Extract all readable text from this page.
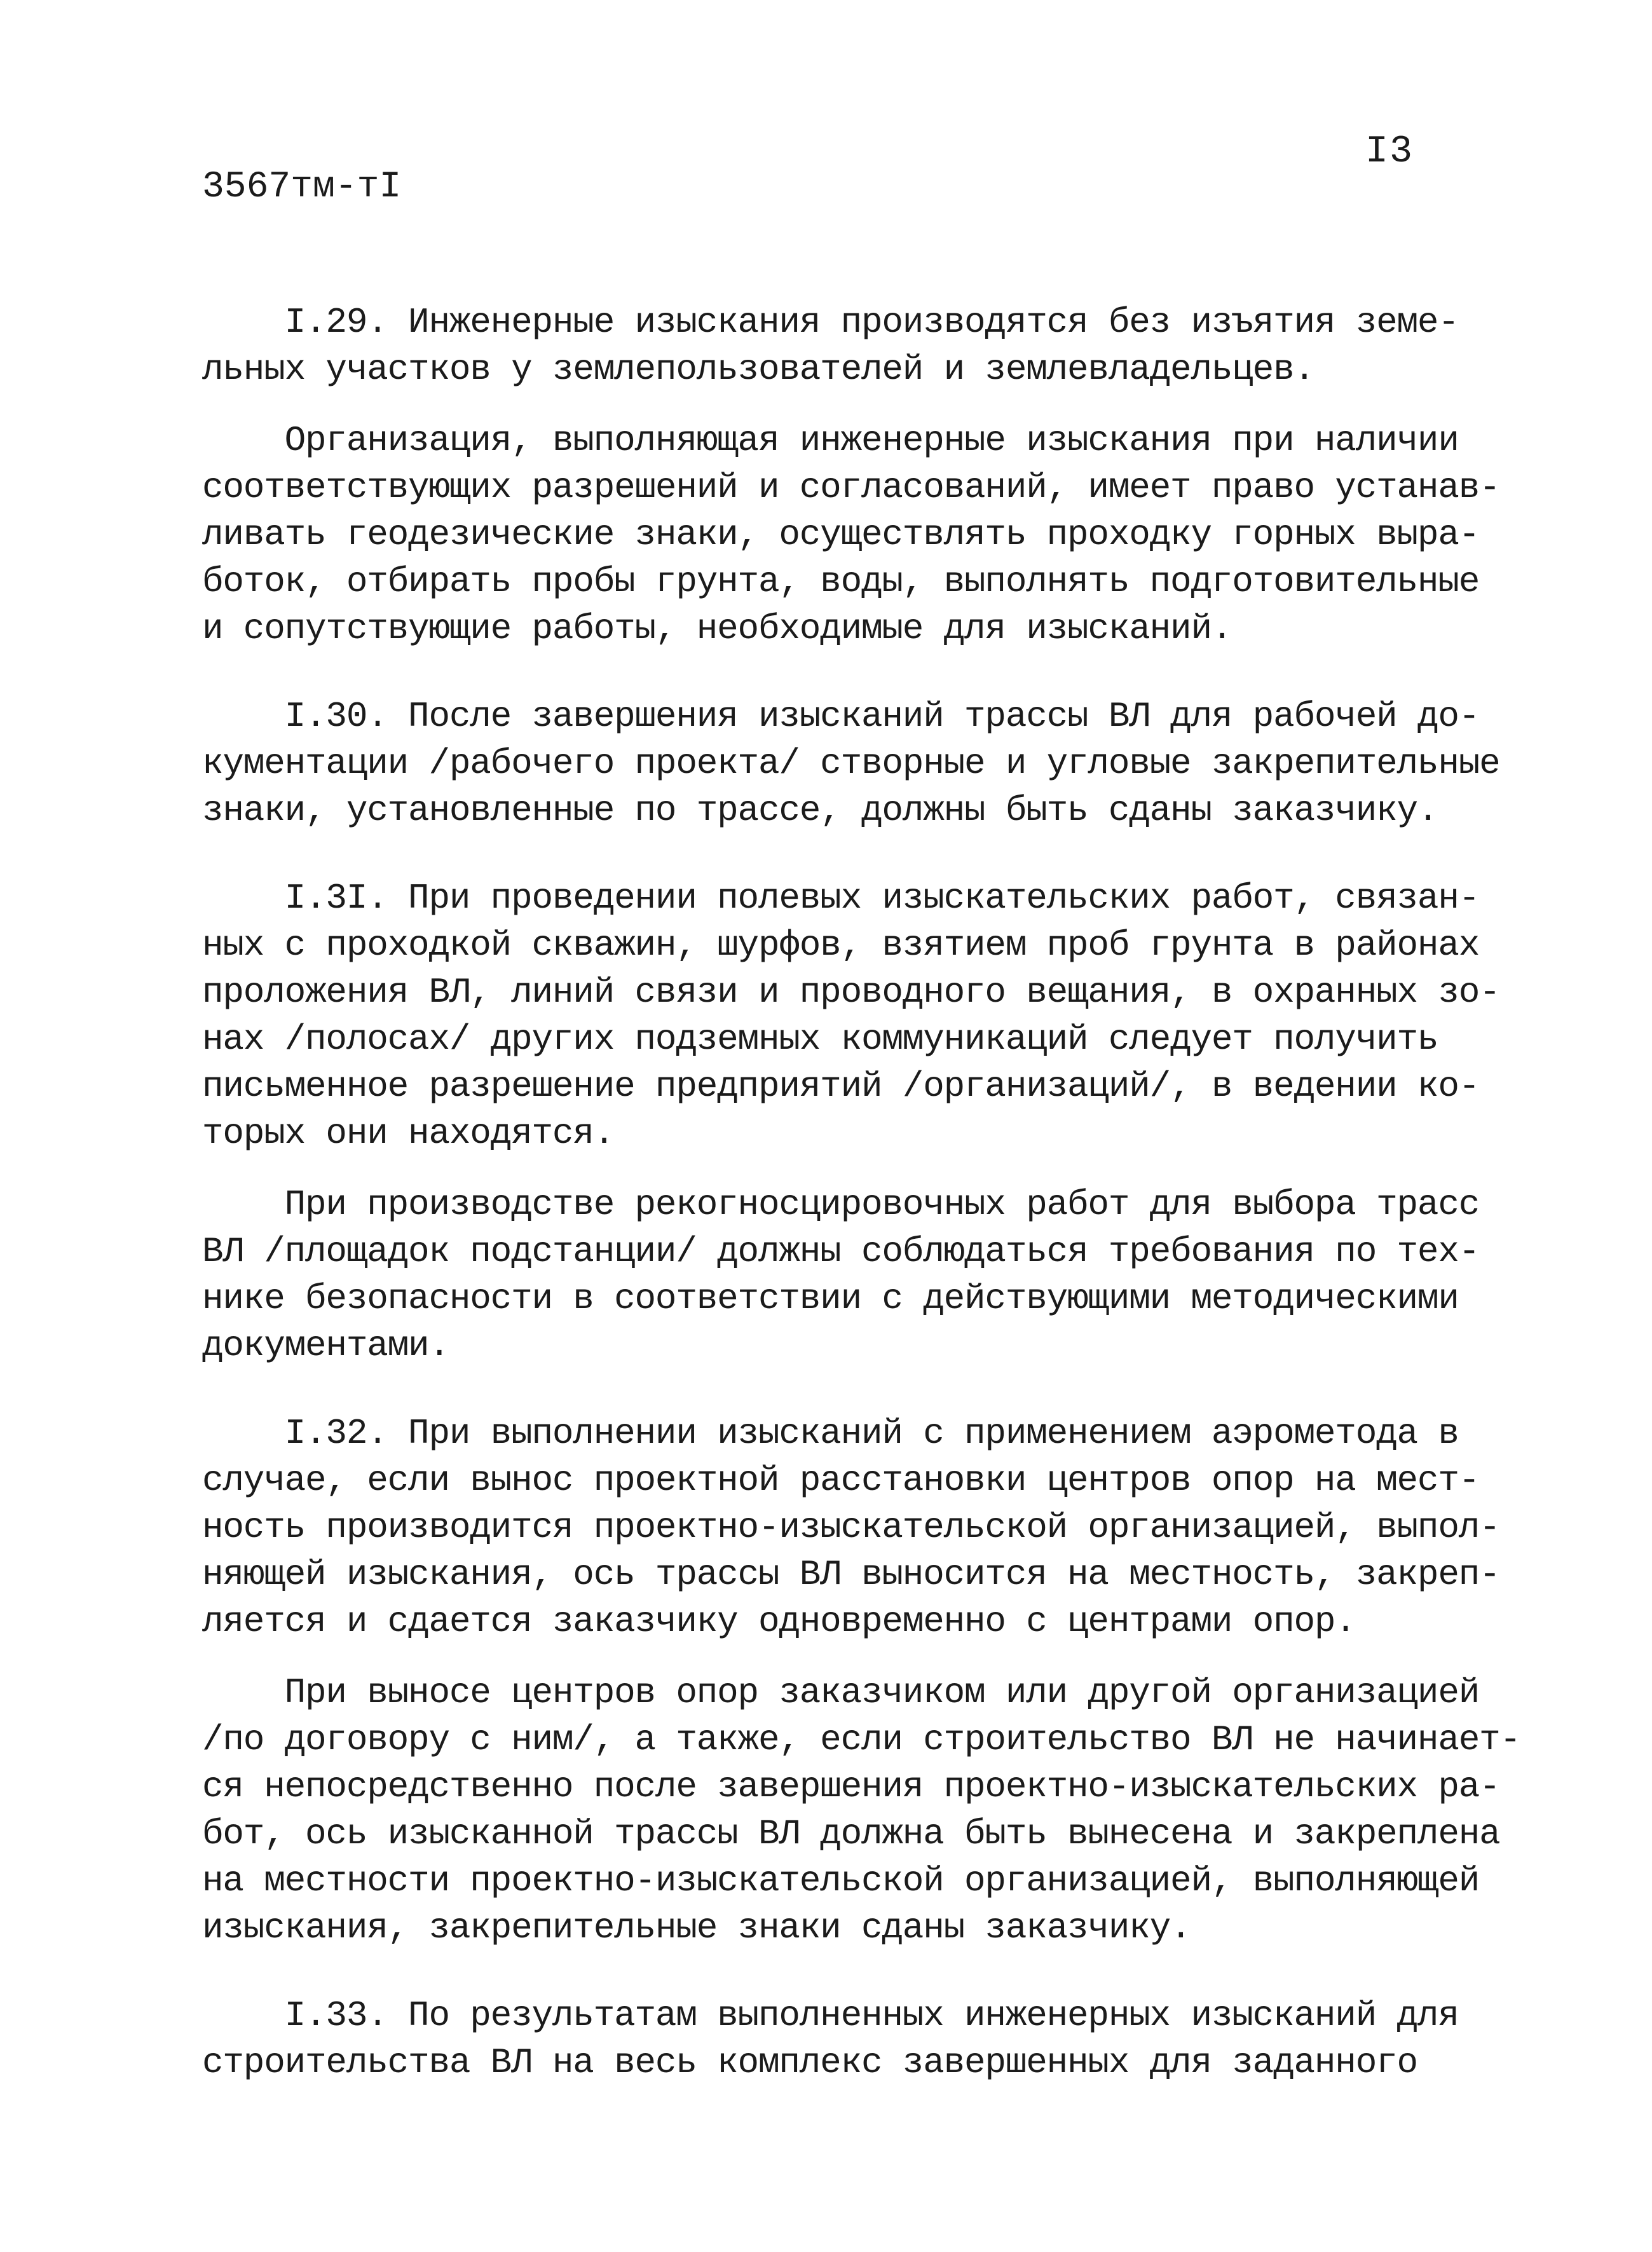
I3
3567тм-тI
I.29. Инженерные изыскания производятся без изъятия земе-
льных участков у землепользователей и землевладельцев.
Организация, выполняющая инженерные изыскания при наличии
соответствующих разрешений и согласований, имеет право устанав-
ливать геодезические знаки, осуществлять проходку горных выра-
боток, отбирать пробы грунта, воды, выполнять подготовительные
и сопутствующие работы, необходимые для изысканий.
I.30. После завершения изысканий трассы ВЛ для рабочей до-
кументации /рабочего проекта/ створные и угловые закрепительные
знаки, установленные по трассе, должны быть сданы заказчику.
I.3I. При проведении полевых изыскательских работ, связан-
ных с проходкой скважин, шурфов, взятием проб грунта в районах
проложения ВЛ, линий связи и проводного вещания, в охранных зо-
нах /полосах/ других подземных коммуникаций следует получить
письменное разрешение предприятий /организаций/, в ведении ко-
торых они находятся.
При производстве рекогносцировочных работ для выбора трасс
ВЛ /площадок подстанции/ должны соблюдаться требования по тех-
нике безопасности в соответствии с действующими методическими
документами.
I.32. При выполнении изысканий с применением аэрометода в
случае, если вынос проектной расстановки центров опор на мест-
ность производится проектно-изыскательской организацией, выпол-
няющей изыскания, ось трассы ВЛ выносится на местность, закреп-
ляется и сдается заказчику одновременно с центрами опор.
При выносе центров опор заказчиком или другой организацией
/по договору с ним/, а также, если строительство ВЛ не начинает-
ся непосредственно после завершения проектно-изыскательских ра-
бот, ось изысканной трассы ВЛ должна быть вынесена и закреплена
на местности проектно-изыскательской организацией, выполняющей
изыскания, закрепительные знаки сданы заказчику.
I.33. По результатам выполненных инженерных изысканий для
строительства ВЛ на весь комплекс завершенных для заданного
